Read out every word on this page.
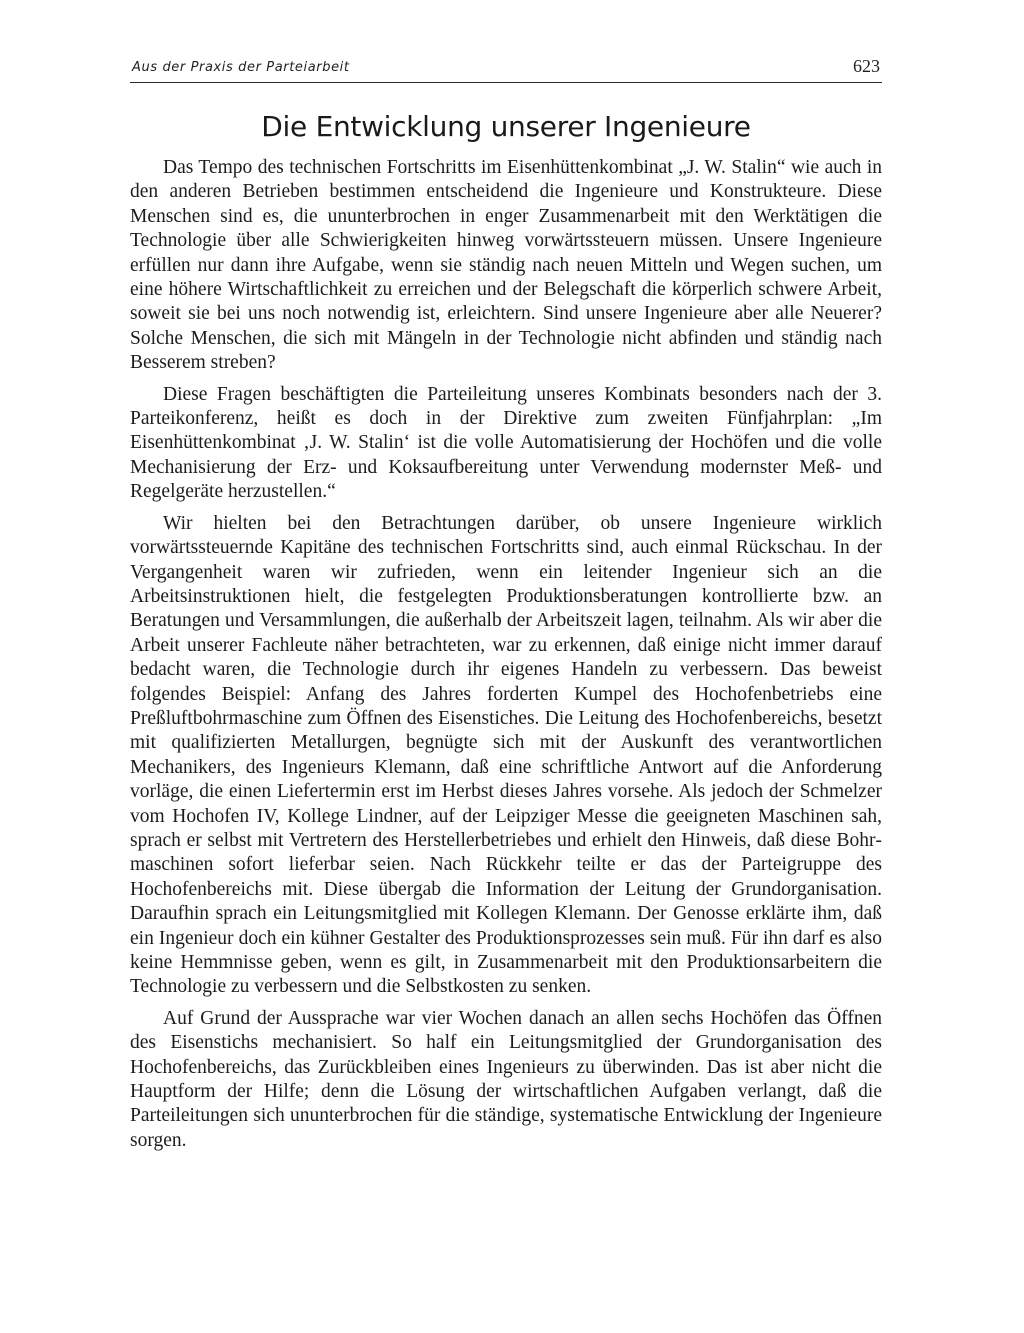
Aus der Praxis der Parteiarbeit	623
Die Entwicklung unserer Ingenieure

Das Tempo des technischen Fortschritts im Eisenhüttenkombinat „J. W. Stalin“ wie auch in den anderen Betrieben bestimmen entscheidend die Ingenieure und Konstrukteure. Diese Menschen sind es, die ununterbrochen in enger Zusammenarbeit mit den Werktätigen die Technologie über alle Schwierigkeiten hinweg vorwärtssteuern müssen. Unsere Ingenieure erfüllen nur dann ihre Aufgabe, wenn sie ständig nach neuen Mitteln und Wegen suchen, um eine höhere Wirtschaftlichkeit zu erreichen und der Belegschaft die körperlich schwere Arbeit, soweit sie bei uns noch notwendig ist, erleichtern. Sind unsere Ingenieure aber alle Neuerer? Solche Menschen, die sich mit Mängeln in der Technologie nicht abfinden und ständig nach Besserem streben?

Diese Fragen beschäftigten die Parteileitung unseres Kombinats besonders nach der 3. Parteikonferenz, heißt es doch in der Direktive zum zweiten Fünfjahrplan: „Im Eisenhüttenkombinat ‚J. W. Stalin‘ ist die volle Automatisierung der Hochöfen und die volle Mechanisierung der Erz- und Koksaufbereitung unter Verwendung modernster Meß- und Regelgeräte herzustellen.“

Wir hielten bei den Betrachtungen darüber, ob unsere Ingenieure wirklich vorwärtssteuernde Kapitäne des technischen Fortschritts sind, auch einmal Rückschau. In der Vergangenheit waren wir zufrieden, wenn ein leitender Ingenieur sich an die Arbeitsinstruktionen hielt, die festgelegten Produktionsberatungen kontrollierte bzw. an Beratungen und Versammlungen, die außerhalb der Arbeitszeit lagen, teilnahm. Als wir aber die Arbeit unserer Fachleute näher betrachteten, war zu erkennen, daß einige nicht immer darauf bedacht waren, die Technologie durch ihr eigenes Handeln zu verbessern. Das beweist folgendes Beispiel: Anfang des Jahres forderten Kumpel des Hochofenbetriebs eine Preßluftbohrmaschine zum Öffnen des Eisenstiches. Die Leitung des Hochofenbereichs, besetzt mit qualifizierten Metallurgen, begnügte sich mit der Auskunft des verantwortlichen Mechanikers, des Ingenieurs Klemann, daß eine schriftliche Antwort auf die Anforderung vorläge, die einen Liefertermin erst im Herbst dieses Jahres vorsehe. Als jedoch der Schmelzer vom Hochofen IV, Kollege Lindner, auf der Leipziger Messe die geeigneten Maschinen sah, sprach er selbst mit Vertretern des Herstellerbetriebes und erhielt den Hinweis, daß diese Bohrmaschinen sofort lieferbar seien. Nach Rückkehr teilte er das der Parteigruppe des Hochofenbereichs mit. Diese übergab die Information der Leitung der Grundorganisation. Daraufhin sprach ein Leitungsmitglied mit Kollegen Klemann. Der Genosse erklärte ihm, daß ein Ingenieur doch ein kühner Gestalter des Produktionsprozesses sein muß. Für ihn darf es also keine Hemmnisse geben, wenn es gilt, in Zusammenarbeit mit den Produktionsarbeitern die Technologie zu verbessern und die Selbstkosten zu senken.

Auf Grund der Aussprache war vier Wochen danach an allen sechs Hochöfen das Öffnen des Eisenstichs mechanisiert. So half ein Leitungsmitglied der Grundorganisation des Hochofenbereichs, das Zurückbleiben eines Ingenieurs zu überwinden. Das ist aber nicht die Hauptform der Hilfe; denn die Lösung der wirtschaftlichen Aufgaben verlangt, daß die Parteileitungen sich ununterbrochen für die ständige, systematische Entwicklung der Ingenieure sorgen.
